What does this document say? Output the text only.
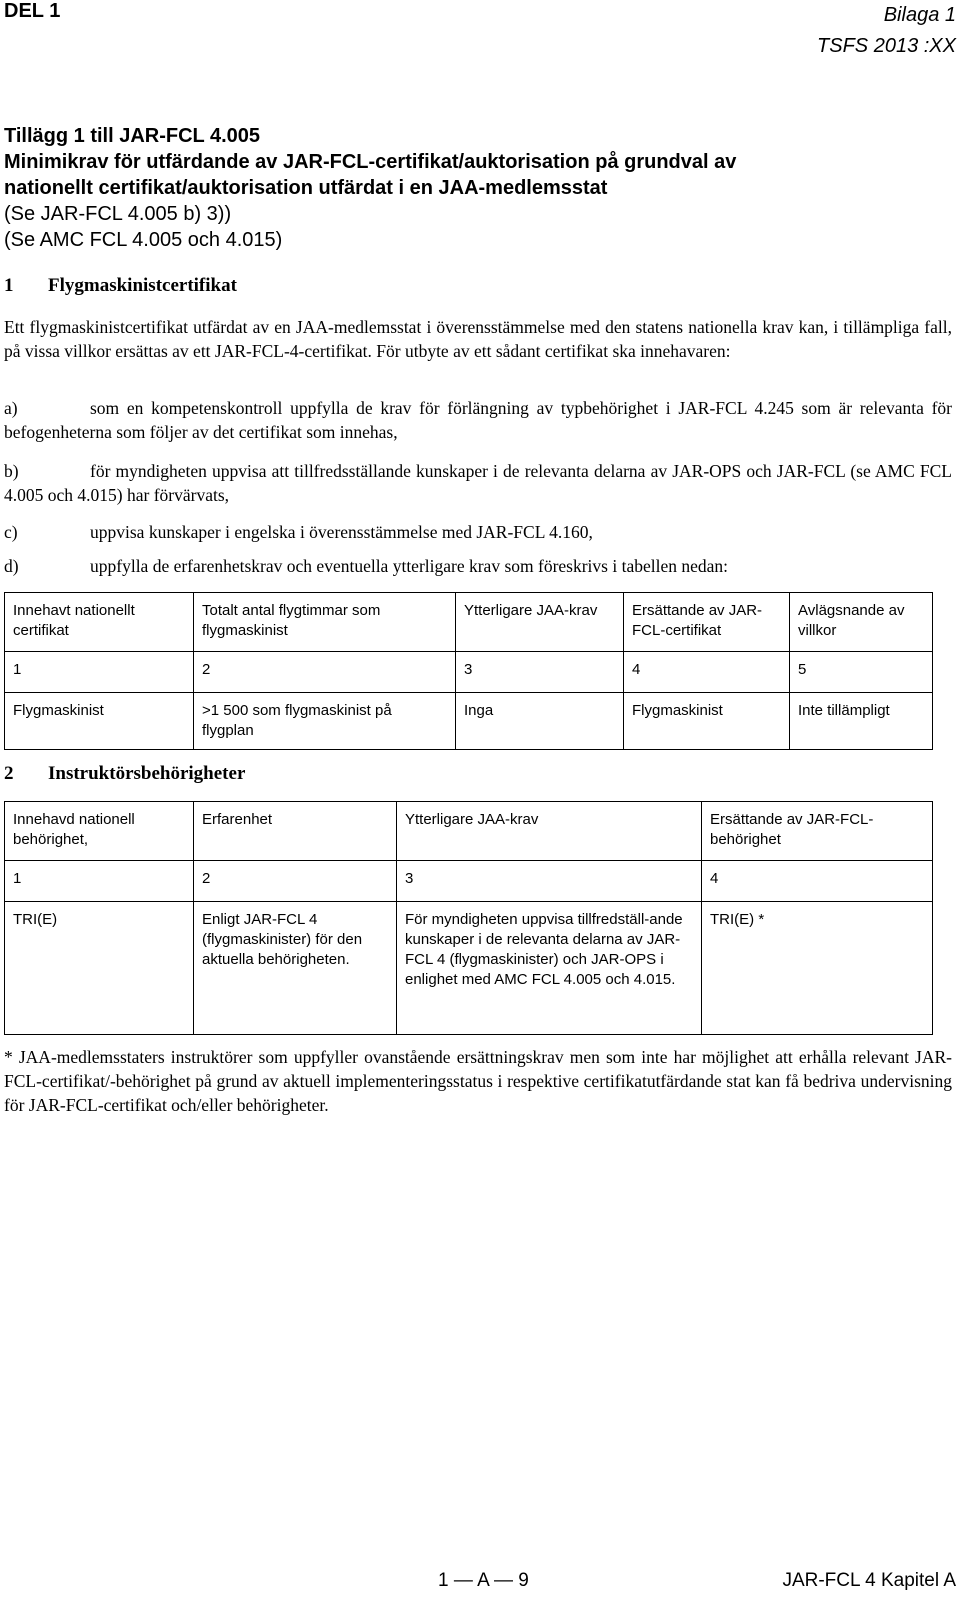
DEL 1	Bilaga 1
TSFS 2013 :XX
Tillägg 1 till JAR-FCL 4.005
Minimikrav för utfärdande av JAR-FCL-certifikat/auktorisation på grundval av
nationellt certifikat/auktorisation utfärdat i en JAA-medlemsstat
(Se JAR-FCL 4.005 b) 3))
(Se AMC FCL 4.005 och 4.015)
1 Flygmaskinistcertifikat
Ett flygmaskinistcertifikat utfärdat av en JAA-medlemsstat i överensstämmelse med den statens nationella krav kan, i tillämpliga fall, på vissa villkor ersättas av ett JAR-FCL-4-certifikat. För utbyte av ett sådant certifikat ska innehavaren:
a)	som en kompetenskontroll uppfylla de krav för förlängning av typbehörighet i JAR-FCL 4.245 som är relevanta för befogenheterna som följer av det certifikat som innehas,
b)	för myndigheten uppvisa att tillfredsställande kunskaper i de relevanta delarna av JAR-OPS och JAR-FCL (se AMC FCL 4.005 och 4.015) har förvärvats,
c)	uppvisa kunskaper i engelska i överensstämmelse med JAR-FCL 4.160,
d)	uppfylla de erfarenhetskrav och eventuella ytterligare krav som föreskrivs i tabellen nedan:
Innehavt nationellt certifikat	Totalt antal flygtimmar som flygmaskinist	Ytterligare JAA-krav	Ersättande av JAR-FCL-certifikat	Avlägsnande av villkor
1	2	3	4	5
Flygmaskinist	>1 500 som flygmaskinist på flygplan	Inga	Flygmaskinist	Inte tillämpligt
2 Instruktörsbehörigheter
Innehavd nationell behörighet,	Erfarenhet	Ytterligare JAA-krav	Ersättande av JAR-FCL-behörighet
1	2	3	4
TRI(E)	Enligt JAR-FCL 4 (flygmaskinister) för den aktuella behörigheten.	För myndigheten uppvisa tillfredställ-ande kunskaper i de relevanta delarna av JAR-FCL 4 (flygmaskinister) och JAR-OPS i enlighet med AMC FCL 4.005 och 4.015.	TRI(E) *
* JAA-medlemsstaters instruktörer som uppfyller ovanstående ersättningskrav men som inte har möjlighet att erhålla relevant JAR-FCL-certifikat/-behörighet på grund av aktuell implementeringsstatus i respektive certifikatutfärdande stat kan få bedriva undervisning för JAR-FCL-certifikat och/eller behörigheter.
1 — A — 9	JAR-FCL 4 Kapitel A
